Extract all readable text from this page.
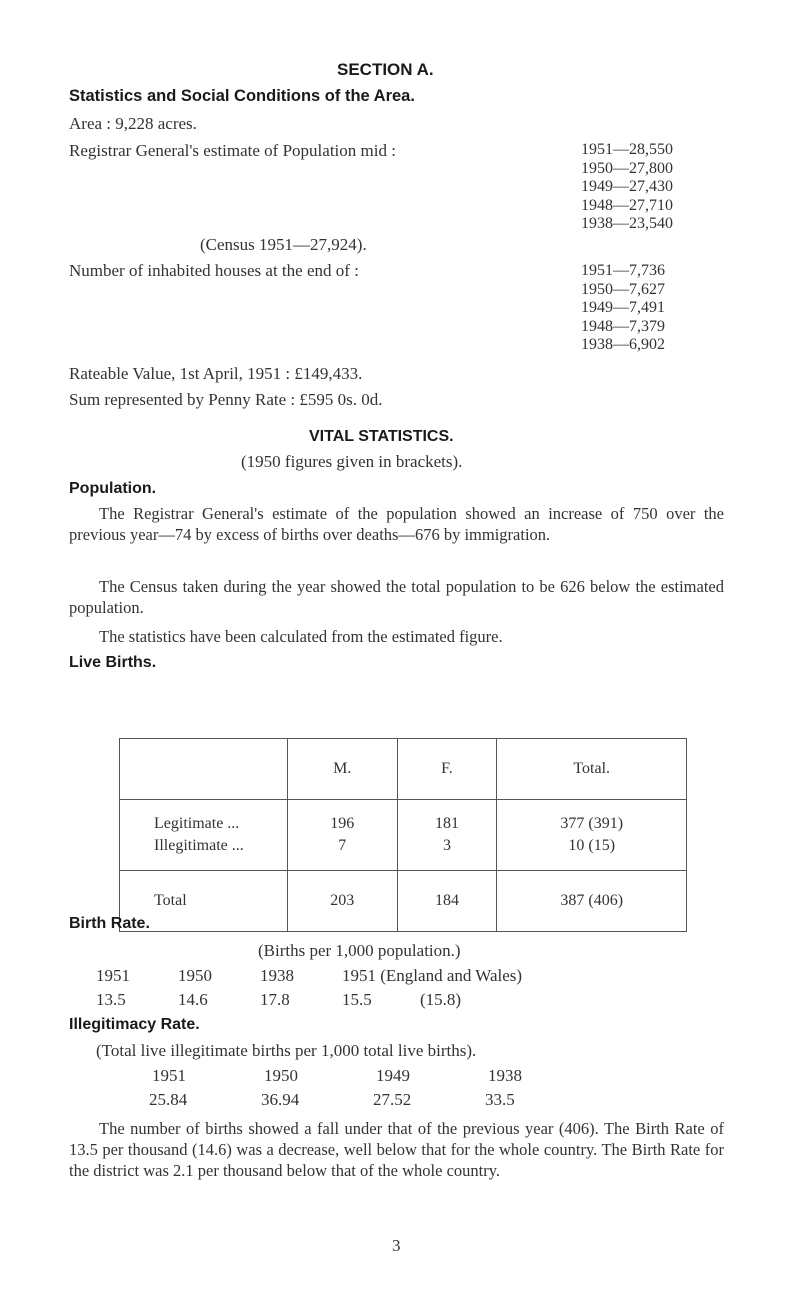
SECTION A.
Statistics and Social Conditions of the Area.
Area : 9,228 acres.
Registrar General's estimate of Population mid :	1951—28,550
1950—27,800
1949—27,430
1948—27,710
1938—23,540
(Census 1951—27,924).
Number of inhabited houses at the end of :	1951—7,736
1950—7,627
1949—7,491
1948—7,379
1938—6,902
Rateable Value, 1st April, 1951 : £149,433.
Sum represented by Penny Rate : £595 0s. 0d.
VITAL STATISTICS.
(1950 figures given in brackets).
Population.

The Registrar General's estimate of the population showed an increase of 750 over the previous year—74 by excess of births over deaths—676 by immigration.

The Census taken during the year showed the total population to be 626 below the estimated population.

The statistics have been calculated from the estimated figure.

Live Births.
	M.	F.	Total.

Legitimate ...	196	181	377 (391)
Illegitimate ...	7	3	10 (15)

Total	203	184	387 (406)
Birth Rate.
(Births per 1,000 population.)
1951	1950	1938	1951 (England and Wales)
13.5	14.6	17.8	15.5	(15.8)
Illegitimacy Rate.
(Total live illegitimate births per 1,000 total live births).
1951	1950	1949	1938
25.84	36.94	27.52	33.5

The number of births showed a fall under that of the previous year (406). The Birth Rate of 13.5 per thousand (14.6) was a decrease, well below that for the whole country. The Birth Rate for the district was 2.1 per thousand below that of the whole country.

3
